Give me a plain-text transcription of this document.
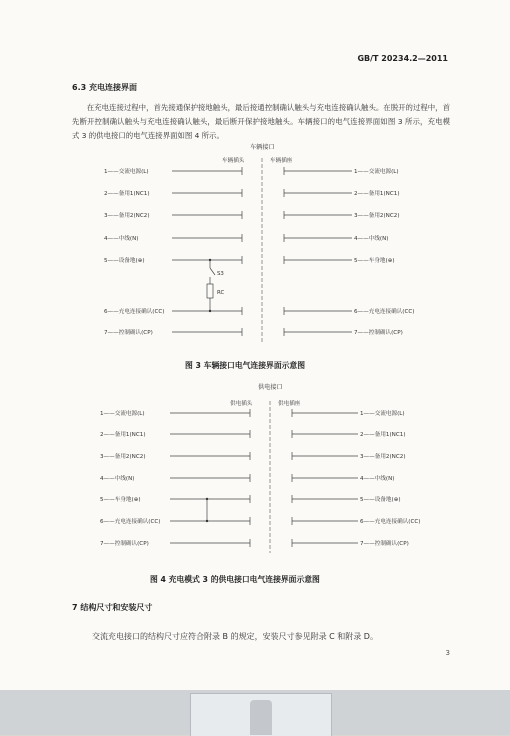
GB/T 20234.2—2011
6.3 充电连接界面
在充电连接过程中，首先接通保护接地触头，最后接通控制确认触头与充电连接确认触头。在脱开的过程中，首先断开控制确认触头与充电连接确认触头，最后断开保护接地触头。车辆接口的电气连接界面如图 3 所示，充电模式 3 的供电接口的电气连接界面如图 4 所示。
车辆接口
车辆插头	车辆插座
1——交流电源(L)
2——备用1(NC1)
3——备用2(NC2)
4——中线(N)
5——设备地(⊕)
6——充电连接确认(CC)
7——控制确认(CP)
1——交流电源(L)
2——备用1(NC1)
3——备用2(NC2)
4——中线(N)
5——车身地(⊕)
6——充电连接确认(CC)
7——控制确认(CP)
S3
RC
图 3 车辆接口电气连接界面示意图
供电接口
供电插头	供电插座
1——交流电源(L)
2——备用1(NC1)
3——备用2(NC2)
4——中线(N)
5——车身地(⊕)
6——充电连接确认(CC)
7——控制确认(CP)
1——交流电源(L)
2——备用1(NC1)
3——备用2(NC2)
4——中线(N)
5——设备地(⊕)
6——充电连接确认(CC)
7——控制确认(CP)
图 4 充电模式 3 的供电接口电气连接界面示意图
7 结构尺寸和安装尺寸
交流充电接口的结构尺寸应符合附录 B 的规定，安装尺寸参见附录 C 和附录 D。
3
